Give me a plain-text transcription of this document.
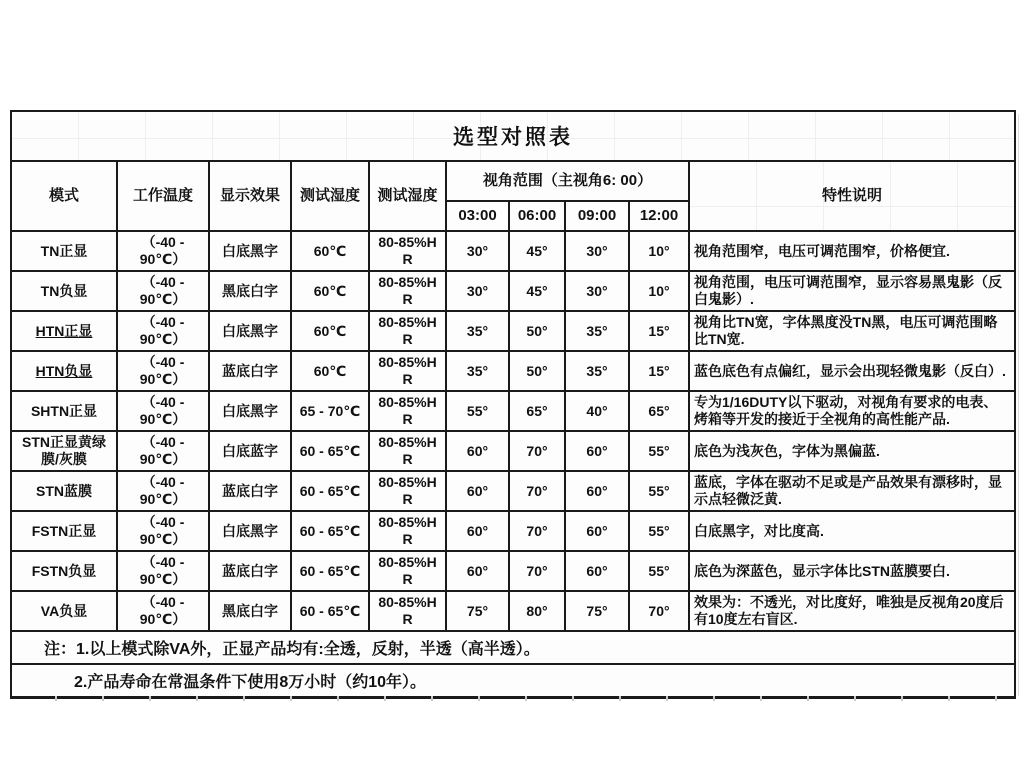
选型对照表
模式	工作温度	显示效果	测试湿度	测试湿度	视角范围（主视角6: 00）	特性说明
03:00	06:00	09:00	12:00
TN正显	（-40 - 90℃）	白底黑字	60℃	80-85%H R	30°	45°	30°	10°	视角范围窄，电压可调范围窄，价格便宜.
TN负显	（-40 - 90℃）	黑底白字	60℃	80-85%H R	30°	45°	30°	10°	视角范围，电压可调范围窄，显示容易黑鬼影（反白鬼影）.
HTN正显	（-40 - 90℃）	白底黑字	60℃	80-85%H R	35°	50°	35°	15°	视角比TN宽，字体黑度没TN黑，电压可调范围略比TN宽.
HTN负显	（-40 - 90℃）	蓝底白字	60℃	80-85%H R	35°	50°	35°	15°	蓝色底色有点偏红，显示会出现轻微鬼影（反白）.
SHTN正显	（-40 - 90℃）	白底黑字	65 - 70℃	80-85%H R	55°	65°	40°	65°	专为1/16DUTY以下驱动，对视角有要求的电表、烤箱等开发的接近于全视角的高性能产品.
STN正显黄绿膜/灰膜	（-40 - 90℃）	白底蓝字	60 - 65℃	80-85%H R	60°	70°	60°	55°	底色为浅灰色，字体为黑偏蓝.
STN蓝膜	（-40 - 90℃）	蓝底白字	60 - 65℃	80-85%H R	60°	70°	60°	55°	蓝底，字体在驱动不足或是产品效果有漂移时，显示点轻微泛黄.
FSTN正显	（-40 - 90℃）	白底黑字	60 - 65℃	80-85%H R	60°	70°	60°	55°	白底黑字，对比度高.
FSTN负显	（-40 - 90℃）	蓝底白字	60 - 65℃	80-85%H R	60°	70°	60°	55°	底色为深蓝色，显示字体比STN蓝膜要白.
VA负显	（-40 - 90℃）	黑底白字	60 - 65℃	80-85%H R	75°	80°	75°	70°	效果为：不透光，对比度好，唯独是反视角20度后有10度左右盲区.
注：1.以上模式除VA外，正显产品均有:全透，反射，半透（高半透）。
2.产品寿命在常温条件下使用8万小时（约10年）。
